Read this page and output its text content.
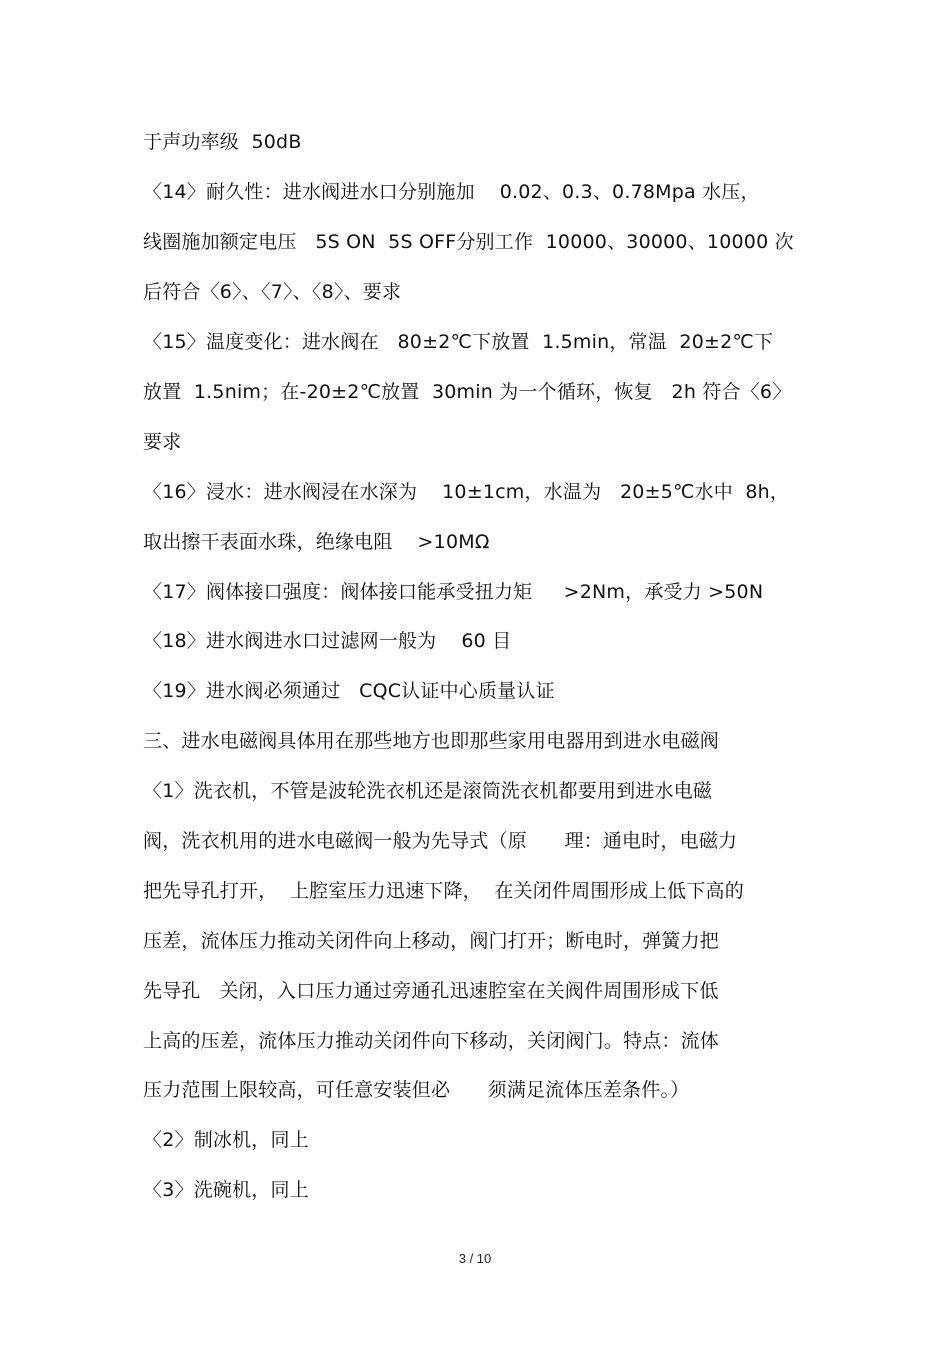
于声功率级  50dB
〈14〉耐久性：进水阀进水口分别施加    0.02、0.3、0.78Mpa 水压，
线圈施加额定电压   5S ON  5S OFF分别工作  10000、30000、10000 次
后符合〈6〉、〈7〉、〈8〉、要求
〈15〉温度变化：进水阀在   80±2℃下放置  1.5min，常温  20±2℃下
放置  1.5nim；在-20±2℃放置  30min 为一个循环，恢复   2h 符合〈6〉
要求
〈16〉浸水：进水阀浸在水深为    10±1cm，水温为   20±5℃水中  8h，
取出擦干表面水珠，绝缘电阻    >10MΩ
〈17〉阀体接口强度：阀体接口能承受扭力矩     >2Nm，承受力 >50N
〈18〉进水阀进水口过滤网一般为    60 目
〈19〉进水阀必须通过   CQC认证中心质量认证
三、进水电磁阀具体用在那些地方也即那些家用电器用到进水电磁阀
〈1〉洗衣机，不管是波轮洗衣机还是滚筒洗衣机都要用到进水电磁
阀，洗衣机用的进水电磁阀一般为先导式（原      理：通电时，电磁力
把先导孔打开，  上腔室压力迅速下降，  在关闭件周围形成上低下高的
压差，流体压力推动关闭件向上移动，阀门打开；断电时，弹簧力把
先导孔   关闭，入口压力通过旁通孔迅速腔室在关阀件周围形成下低
上高的压差，流体压力推动关闭件向下移动，关闭阀门。特点：流体
压力范围上限较高，可任意安装但必      须满足流体压差条件。）
〈2〉制冰机，同上
〈3〉洗碗机，同上
3 / 10
